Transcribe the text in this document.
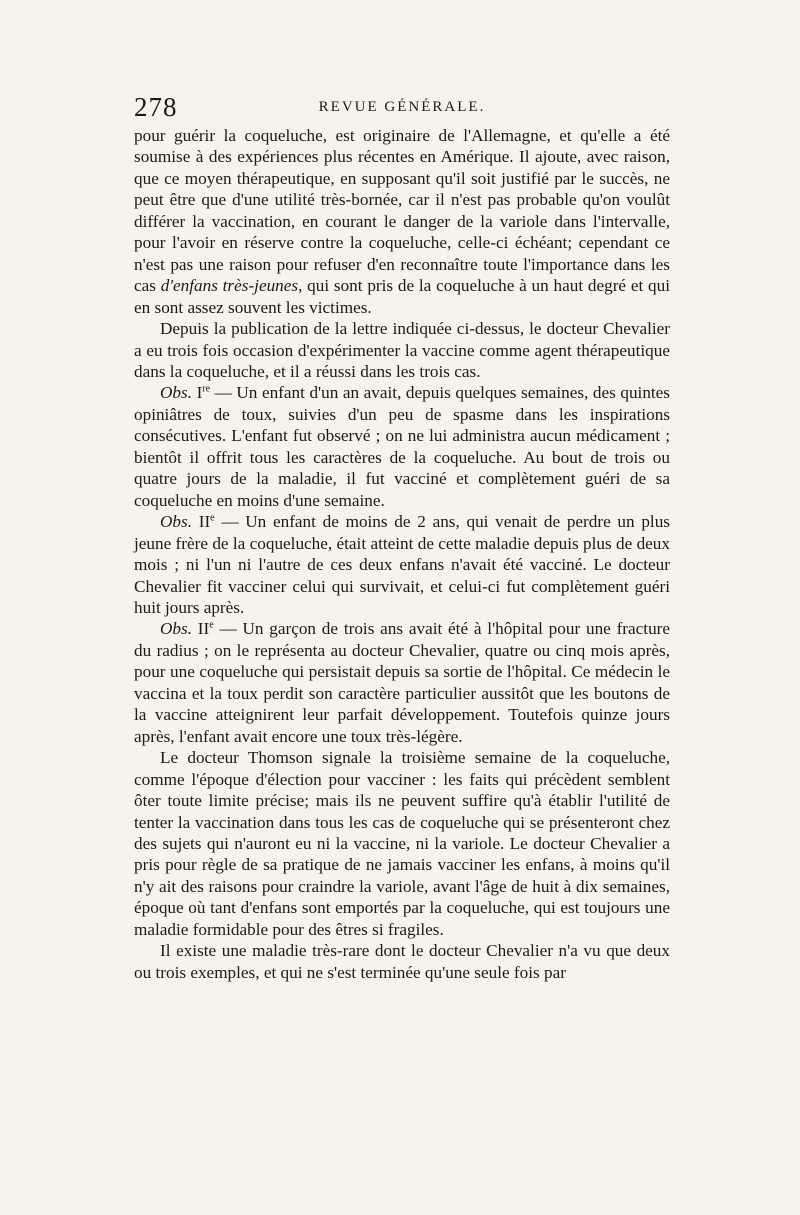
278	REVUE GÉNÉRALE.

pour guérir la coqueluche, est originaire de l'Allemagne, et qu'elle a été soumise à des expériences plus récentes en Amérique. Il ajoute, avec raison, que ce moyen thérapeutique, en supposant qu'il soit justifié par le succès, ne peut être que d'une utilité très-bornée, car il n'est pas probable qu'on voulût différer la vaccination, en courant le danger de la variole dans l'intervalle, pour l'avoir en réserve contre la coqueluche, celle-ci échéant; cependant ce n'est pas une raison pour refuser d'en reconnaître toute l'importance dans les cas d'enfans très-jeunes, qui sont pris de la coqueluche à un haut degré et qui en sont assez souvent les victimes.

Depuis la publication de la lettre indiquée ci-dessus, le docteur Chevalier a eu trois fois occasion d'expérimenter la vaccine comme agent thérapeutique dans la coqueluche, et il a réussi dans les trois cas.

Obs. Ire — Un enfant d'un an avait, depuis quelques semaines, des quintes opiniâtres de toux, suivies d'un peu de spasme dans les inspirations consécutives. L'enfant fut observé ; on ne lui administra aucun médicament ; bientôt il offrit tous les caractères de la coqueluche. Au bout de trois ou quatre jours de la maladie, il fut vacciné et complètement guéri de sa coqueluche en moins d'une semaine.

Obs. IIe — Un enfant de moins de 2 ans, qui venait de perdre un plus jeune frère de la coqueluche, était atteint de cette maladie depuis plus de deux mois ; ni l'un ni l'autre de ces deux enfans n'avait été vacciné. Le docteur Chevalier fit vacciner celui qui survivait, et celui-ci fut complètement guéri huit jours après.

Obs. IIe — Un garçon de trois ans avait été à l'hôpital pour une fracture du radius ; on le représenta au docteur Chevalier, quatre ou cinq mois après, pour une coqueluche qui persistait depuis sa sortie de l'hôpital. Ce médecin le vaccina et la toux perdit son caractère particulier aussitôt que les boutons de la vaccine atteignirent leur parfait développement. Toutefois quinze jours après, l'enfant avait encore une toux très-légère.

Le docteur Thomson signale la troisième semaine de la coqueluche, comme l'époque d'élection pour vacciner : les faits qui précèdent semblent ôter toute limite précise; mais ils ne peuvent suffire qu'à établir l'utilité de tenter la vaccination dans tous les cas de coqueluche qui se présenteront chez des sujets qui n'auront eu ni la vaccine, ni la variole. Le docteur Chevalier a pris pour règle de sa pratique de ne jamais vacciner les enfans, à moins qu'il n'y ait des raisons pour craindre la variole, avant l'âge de huit à dix semaines, époque où tant d'enfans sont emportés par la coqueluche, qui est toujours une maladie formidable pour des êtres si fragiles.

Il existe une maladie très-rare dont le docteur Chevalier n'a vu que deux ou trois exemples, et qui ne s'est terminée qu'une seule fois par
